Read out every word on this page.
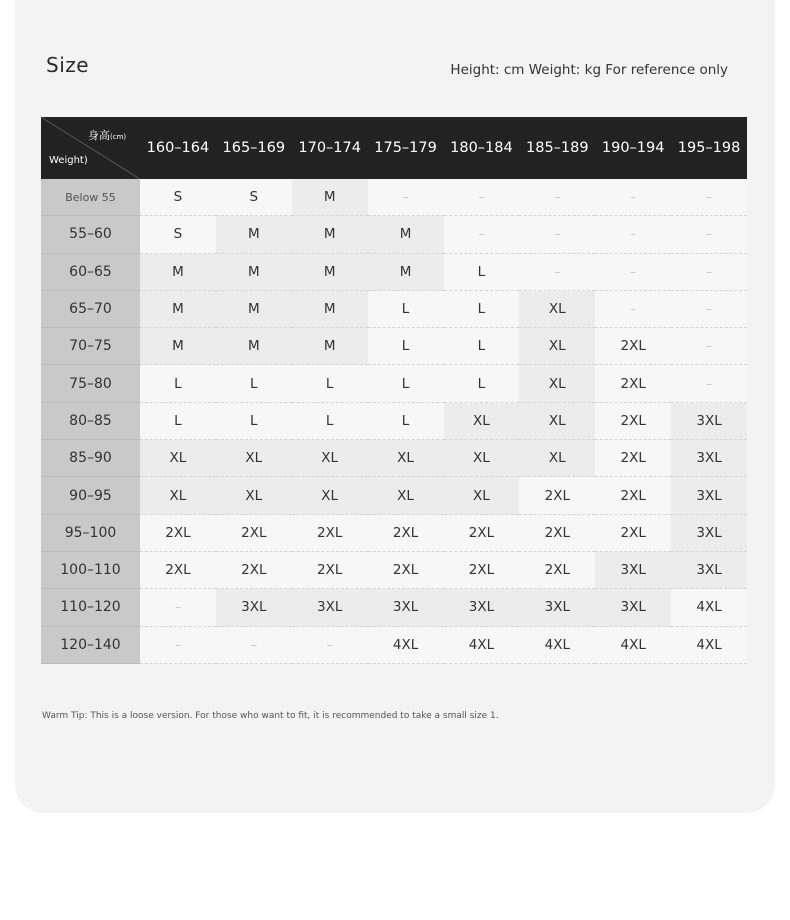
Size	Height: cm Weight: kg For reference only
身高(cm)
Weight)
160–164 165–169 170–174 175–179 180–184 185–189 190–194 195–198
Below 55	S	S	M	–	–	–	–	–
55–60	S	M	M	M	–	–	–	–
60–65	M	M	M	M	L	–	–	–
65–70	M	M	M	L	L	XL	–	–
70–75	M	M	M	L	L	XL	2XL	–
75–80	L	L	L	L	L	XL	2XL	–
80–85	L	L	L	L	XL	XL	2XL	3XL
85–90	XL	XL	XL	XL	XL	XL	2XL	3XL
90–95	XL	XL	XL	XL	XL	2XL	2XL	3XL
95–100	2XL	2XL	2XL	2XL	2XL	2XL	2XL	3XL
100–110	2XL	2XL	2XL	2XL	2XL	2XL	3XL	3XL
110–120	–	3XL	3XL	3XL	3XL	3XL	3XL	4XL
120–140	–	–	–	4XL	4XL	4XL	4XL	4XL
Warm Tip: This is a loose version. For those who want to fit, it is recommended to take a small size 1.
